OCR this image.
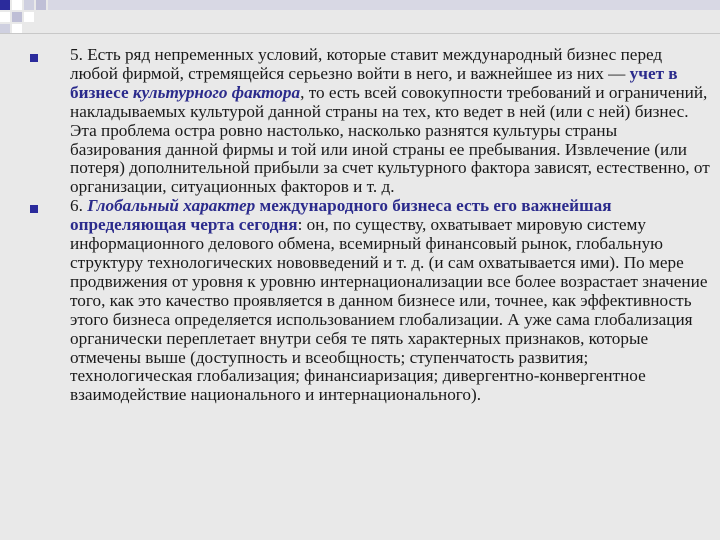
5. Есть ряд непременных условий, которые ставит международный бизнес перед любой фирмой, стремящейся серьезно войти в него, и важнейшее из них — учет в бизнесе культурного фактора, то есть всей совокупности требований и ограничений, накладываемых культурой данной страны на тех, кто ведет в ней (или с ней) бизнес. Эта проблема остра ровно настолько, насколько разнятся культуры страны базирования данной фирмы и той или иной страны ее пребывания. Извлечение (или потеря) дополнительной прибыли за счет культурного фактора зависят, естественно, от организации, ситуационных факторов и т. д.
6. Глобальный характер международного бизнеса есть его важнейшая определяющая черта сегодня: он, по существу, охватывает мировую систему информационного делового обмена, всемирный финансовый рынок, глобальную структуру технологических нововведений и т. д. (и сам охватывается ими). По мере продвижения от уровня к уровню интернационализации все более возрастает значение того, как это качество проявляется в данном бизнесе или, точнее, как эффективность этого бизнеса определяется использованием глобализации. А уже сама глобализация органически переплетает внутри себя те пять характерных признаков, которые отмечены выше (доступность и всеобщность; ступенчатость развития; технологическая глобализация; финансиаризация; дивергентно-конвергентное взаимодействие национального и интернационального).
